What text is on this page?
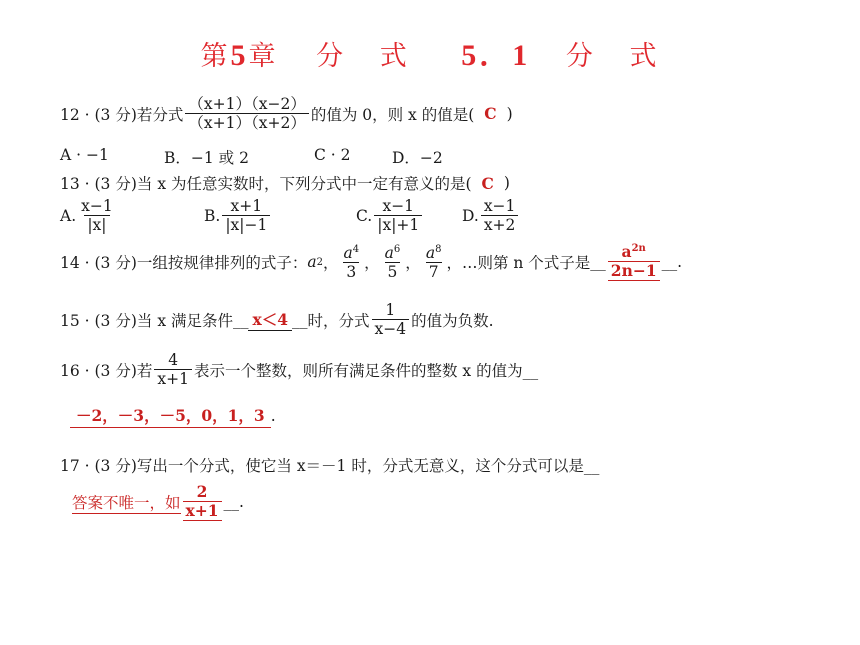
第5章 分 式 5．1 分 式
12 · (3 分)若分式 $\frac{(x+1)(x-2)}{(x+1)(x+2)}$ 的值为 0，则 x 的值是( C )
A · −1	B．−1 或 2	C · 2	D．−2
13 · (3 分)当 x 为任意实数时，下列分式中一定有意义的是( C )
A. $\frac{x-1}{|x|}$	B. $\frac{x+1}{|x|-1}$	C. $\frac{x-1}{|x|+1}$	D. $\frac{x-1}{x+2}$
14 · (3 分)一组按规律排列的式子： a 2 ， $\frac{a^4}{3}$ ， $\frac{a^6}{5}$ ， $\frac{a^8}{7}$ ，…则第 n 个式子是 __ $\frac{a^{2n}}{2n-1}$ __.
15 · (3 分)当 x 满足条件 __ x＜4 __ 时，分式 $\frac{1}{x-4}$ 的值为负数.
16 · (3 分)若 $\frac{4}{x+1}$ 表示一个整数，则所有满足条件的整数 x 的值为__
－2，－3，－5，0，1，3 .
17 · (3 分)写出一个分式，使它当 x＝－1 时，分式无意义，这个分式可以是__
答案不唯一，如 $\frac{2}{x+1}$ __.
